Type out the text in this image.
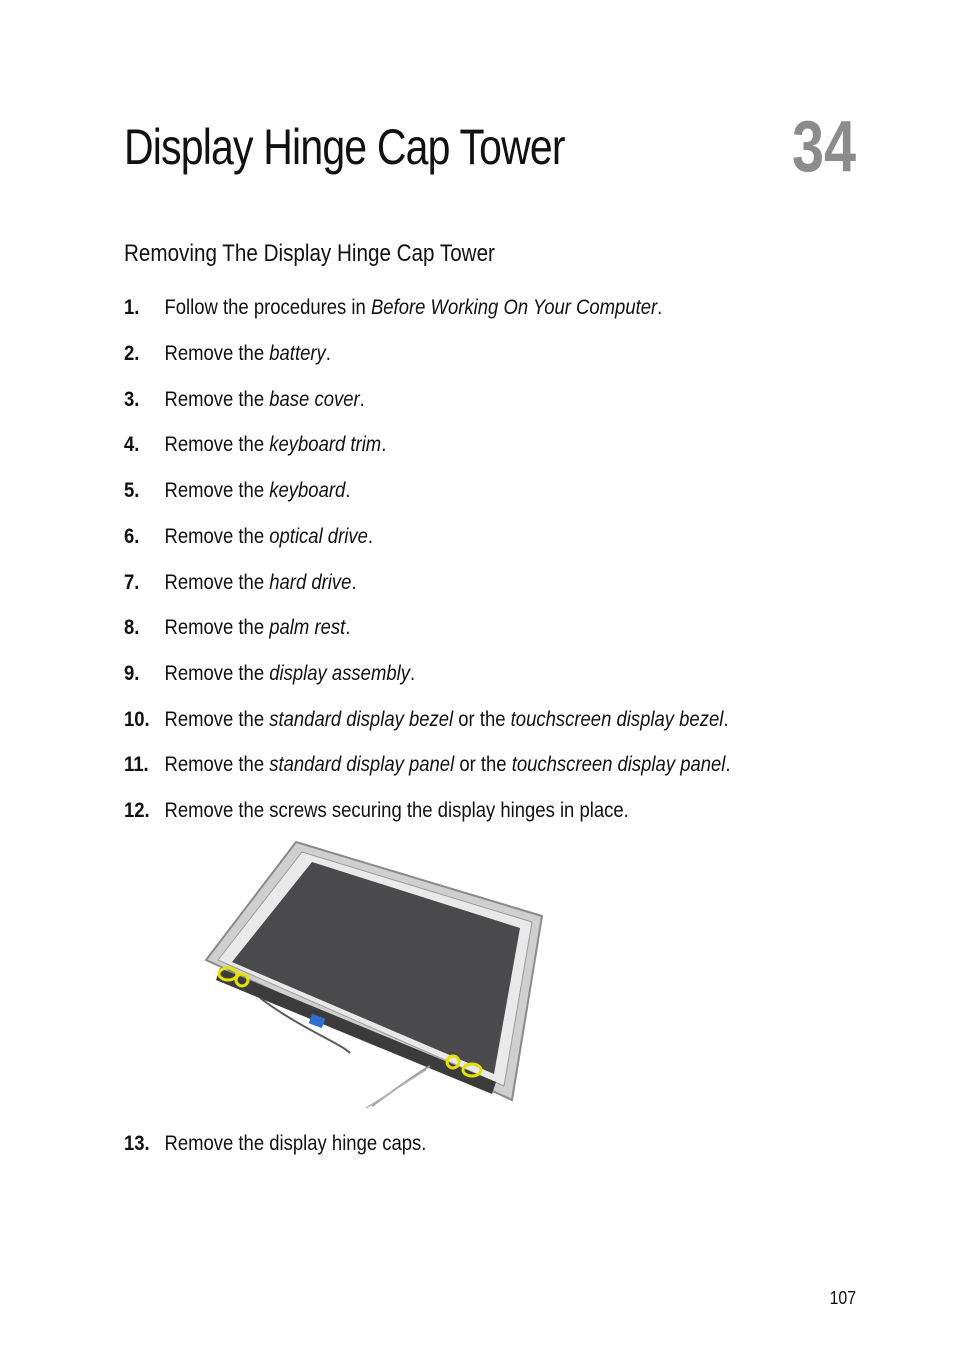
Display Hinge Cap Tower	34
Removing The Display Hinge Cap Tower
1. Follow the procedures in Before Working On Your Computer.
2. Remove the battery.
3. Remove the base cover.
4. Remove the keyboard trim.
5. Remove the keyboard.
6. Remove the optical drive.
7. Remove the hard drive.
8. Remove the palm rest.
9. Remove the display assembly.
10. Remove the standard display bezel or the touchscreen display bezel.
11. Remove the standard display panel or the touchscreen display panel.
12. Remove the screws securing the display hinges in place.
13. Remove the display hinge caps.
107
